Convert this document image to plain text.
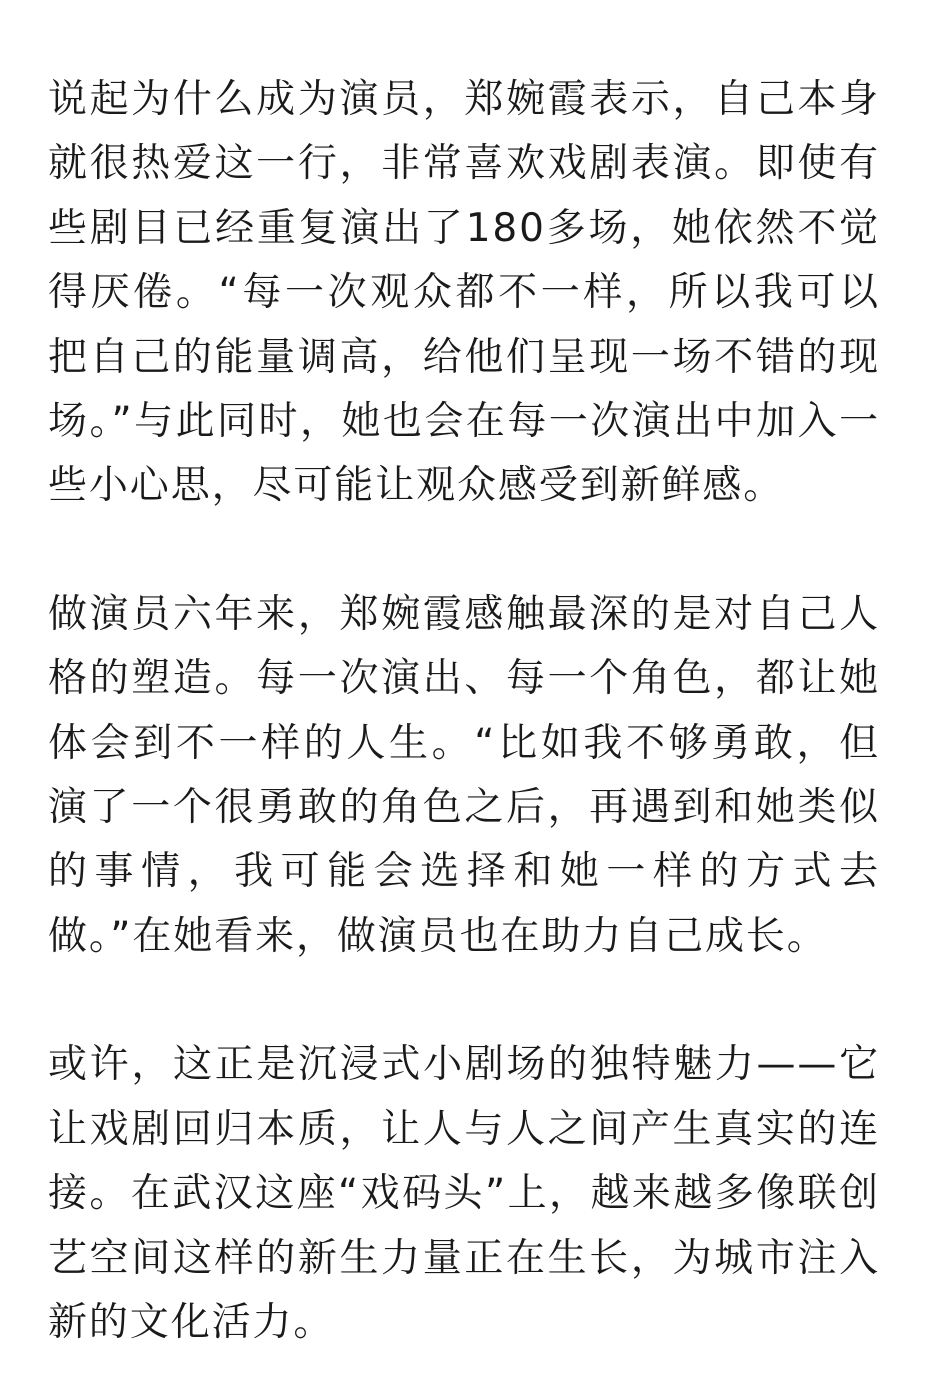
说起为什么成为演员，郑婉霞表示，自己本身就很热爱这一行，非常喜欢戏剧表演。即使有些剧目已经重复演出了180多场，她依然不觉得厌倦。“每一次观众都不一样，所以我可以把自己的能量调高，给他们呈现一场不错的现场。”与此同时，她也会在每一次演出中加入一些小心思，尽可能让观众感受到新鲜感。

做演员六年来，郑婉霞感触最深的是对自己人格的塑造。每一次演出、每一个角色，都让她体会到不一样的人生。“比如我不够勇敢，但演了一个很勇敢的角色之后，再遇到和她类似的事情，我可能会选择和她一样的方式去做。”在她看来，做演员也在助力自己成长。

或许，这正是沉浸式小剧场的独特魅力——它让戏剧回归本质，让人与人之间产生真实的连接。在武汉这座“戏码头”上，越来越多像联创艺空间这样的新生力量正在生长，为城市注入新的文化活力。
